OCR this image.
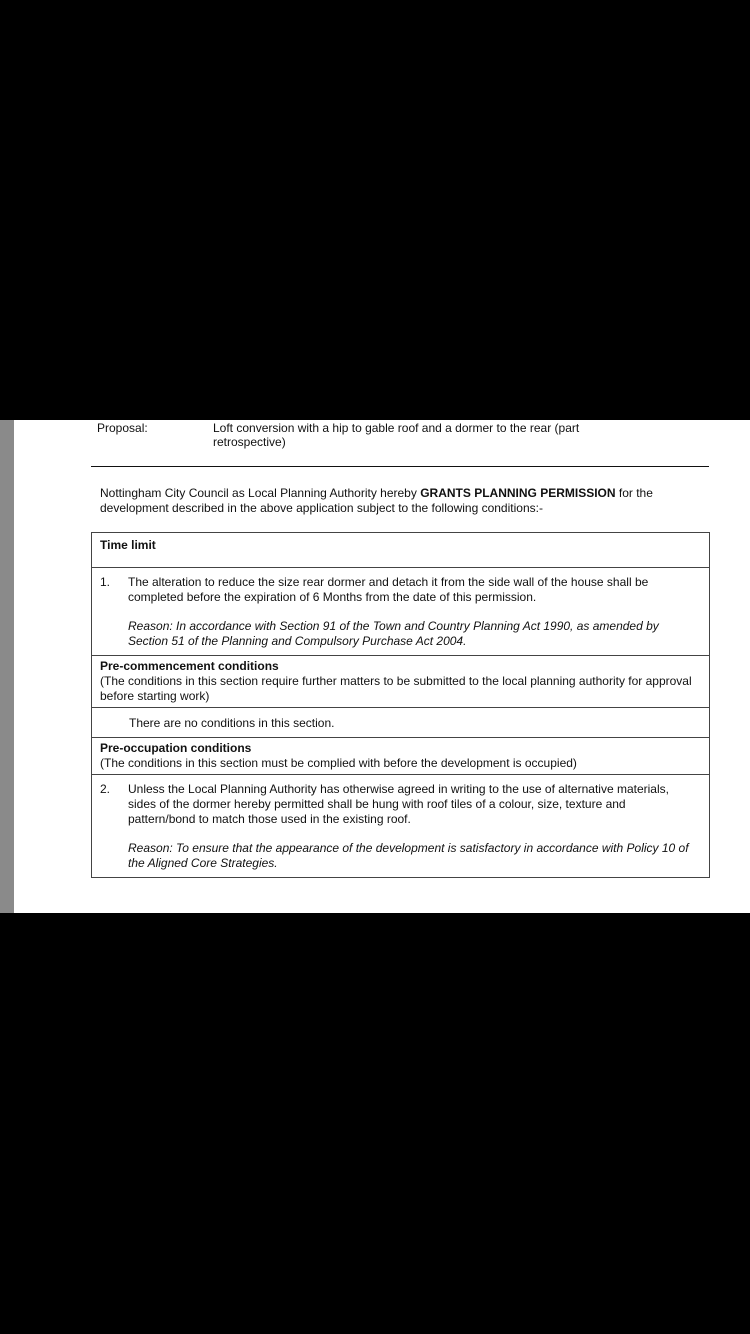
Proposal:	Loft conversion with a hip to gable roof and a dormer to the rear (part retrospective)
Nottingham City Council as Local Planning Authority hereby GRANTS PLANNING PERMISSION for the development described in the above application subject to the following conditions:-
Time limit

1.	The alteration to reduce the size rear dormer and detach it from the side wall of the house shall be completed before the expiration of 6 Months from the date of this permission.
Reason: In accordance with Section 91 of the Town and Country Planning Act 1990, as amended by Section 51 of the Planning and Compulsory Purchase Act 2004.

Pre-commencement conditions
(The conditions in this section require further matters to be submitted to the local planning authority for approval before starting work)

There are no conditions in this section.

Pre-occupation conditions
(The conditions in this section must be complied with before the development is occupied)

2.	Unless the Local Planning Authority has otherwise agreed in writing to the use of alternative materials, sides of the dormer hereby permitted shall be hung with roof tiles of a colour, size, texture and pattern/bond to match those used in the existing roof.
Reason: To ensure that the appearance of the development is satisfactory in accordance with Policy 10 of the Aligned Core Strategies.
